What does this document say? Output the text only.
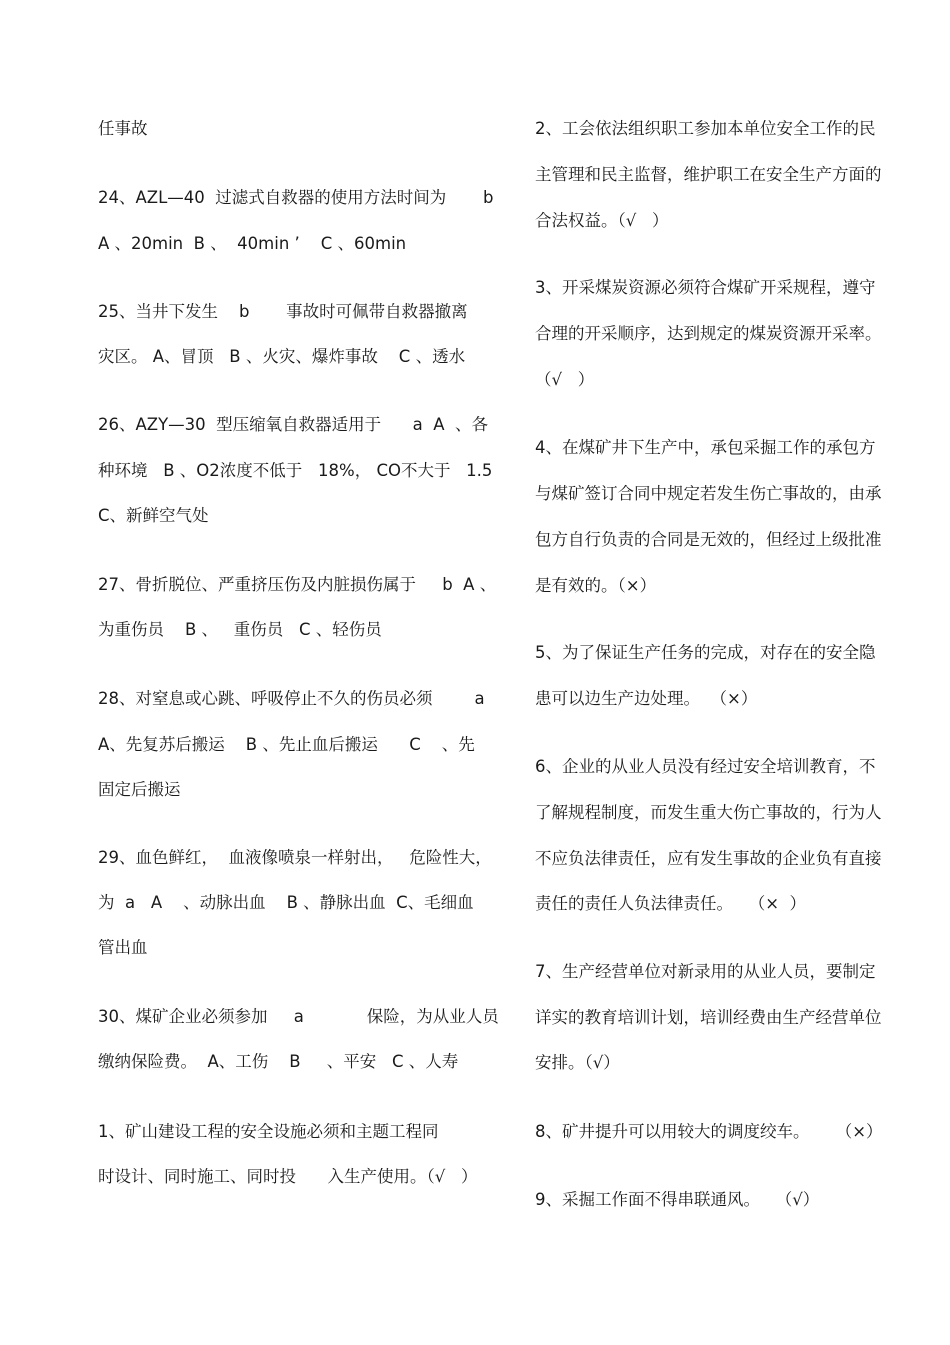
任事故
24、AZL—40  过滤式自救器的使用方法时间为       b
A 、20min  B 、  40min ’    C 、60min
25、当井下发生    b       事故时可佩带自救器撤离
灾区。 A、冒顶   B 、火灾、爆炸事故    C 、透水
26、AZY—30  型压缩氧自救器适用于      a  A  、各
种环境   B 、O2浓度不低于   18%， CO不大于   1.5
C、新鲜空气处
27、骨折脱位、严重挤压伤及内脏损伤属于     b  A 、
为重伤员    B 、   重伤员   C 、轻伤员
28、对窒息或心跳、呼吸停止不久的伤员必须        a
A、先复苏后搬运    B 、先止血后搬运      C    、先
固定后搬运
29、血色鲜红，  血液像喷泉一样射出，   危险性大，
为  a   A    、动脉出血    B 、静脉出血  C、毛细血
管出血
30、煤矿企业必须参加     a            保险，为从业人员
缴纳保险费。  A、工伤    B     、平安   C 、人寿
1、矿山建设工程的安全设施必须和主题工程同
时设计、同时施工、同时投      入生产使用。（√   ）
2、工会依法组织职工参加本单位安全工作的民
主管理和民主监督，维护职工在安全生产方面的
合法权益。（√   ）
3、开采煤炭资源必须符合煤矿开采规程，遵守
合理的开采顺序，达到规定的煤炭资源开采率。
（√   ）
4、在煤矿井下生产中，承包采掘工作的承包方
与煤矿签订合同中规定若发生伤亡事故的，由承
包方自行负责的合同是无效的，但经过上级批准
是有效的。（×）
5、为了保证生产任务的完成，对存在的安全隐
患可以边生产边处理。  （×）
6、企业的从业人员没有经过安全培训教育，不
了解规程制度，而发生重大伤亡事故的，行为人
不应负法律责任，应有发生事故的企业负有直接
责任的责任人负法律责任。   （×  ）
7、生产经营单位对新录用的从业人员，要制定
详实的教育培训计划，培训经费由生产经营单位
安排。（√）
8、矿井提升可以用较大的调度绞车。     （×）
9、采掘工作面不得串联通风。   （√）
